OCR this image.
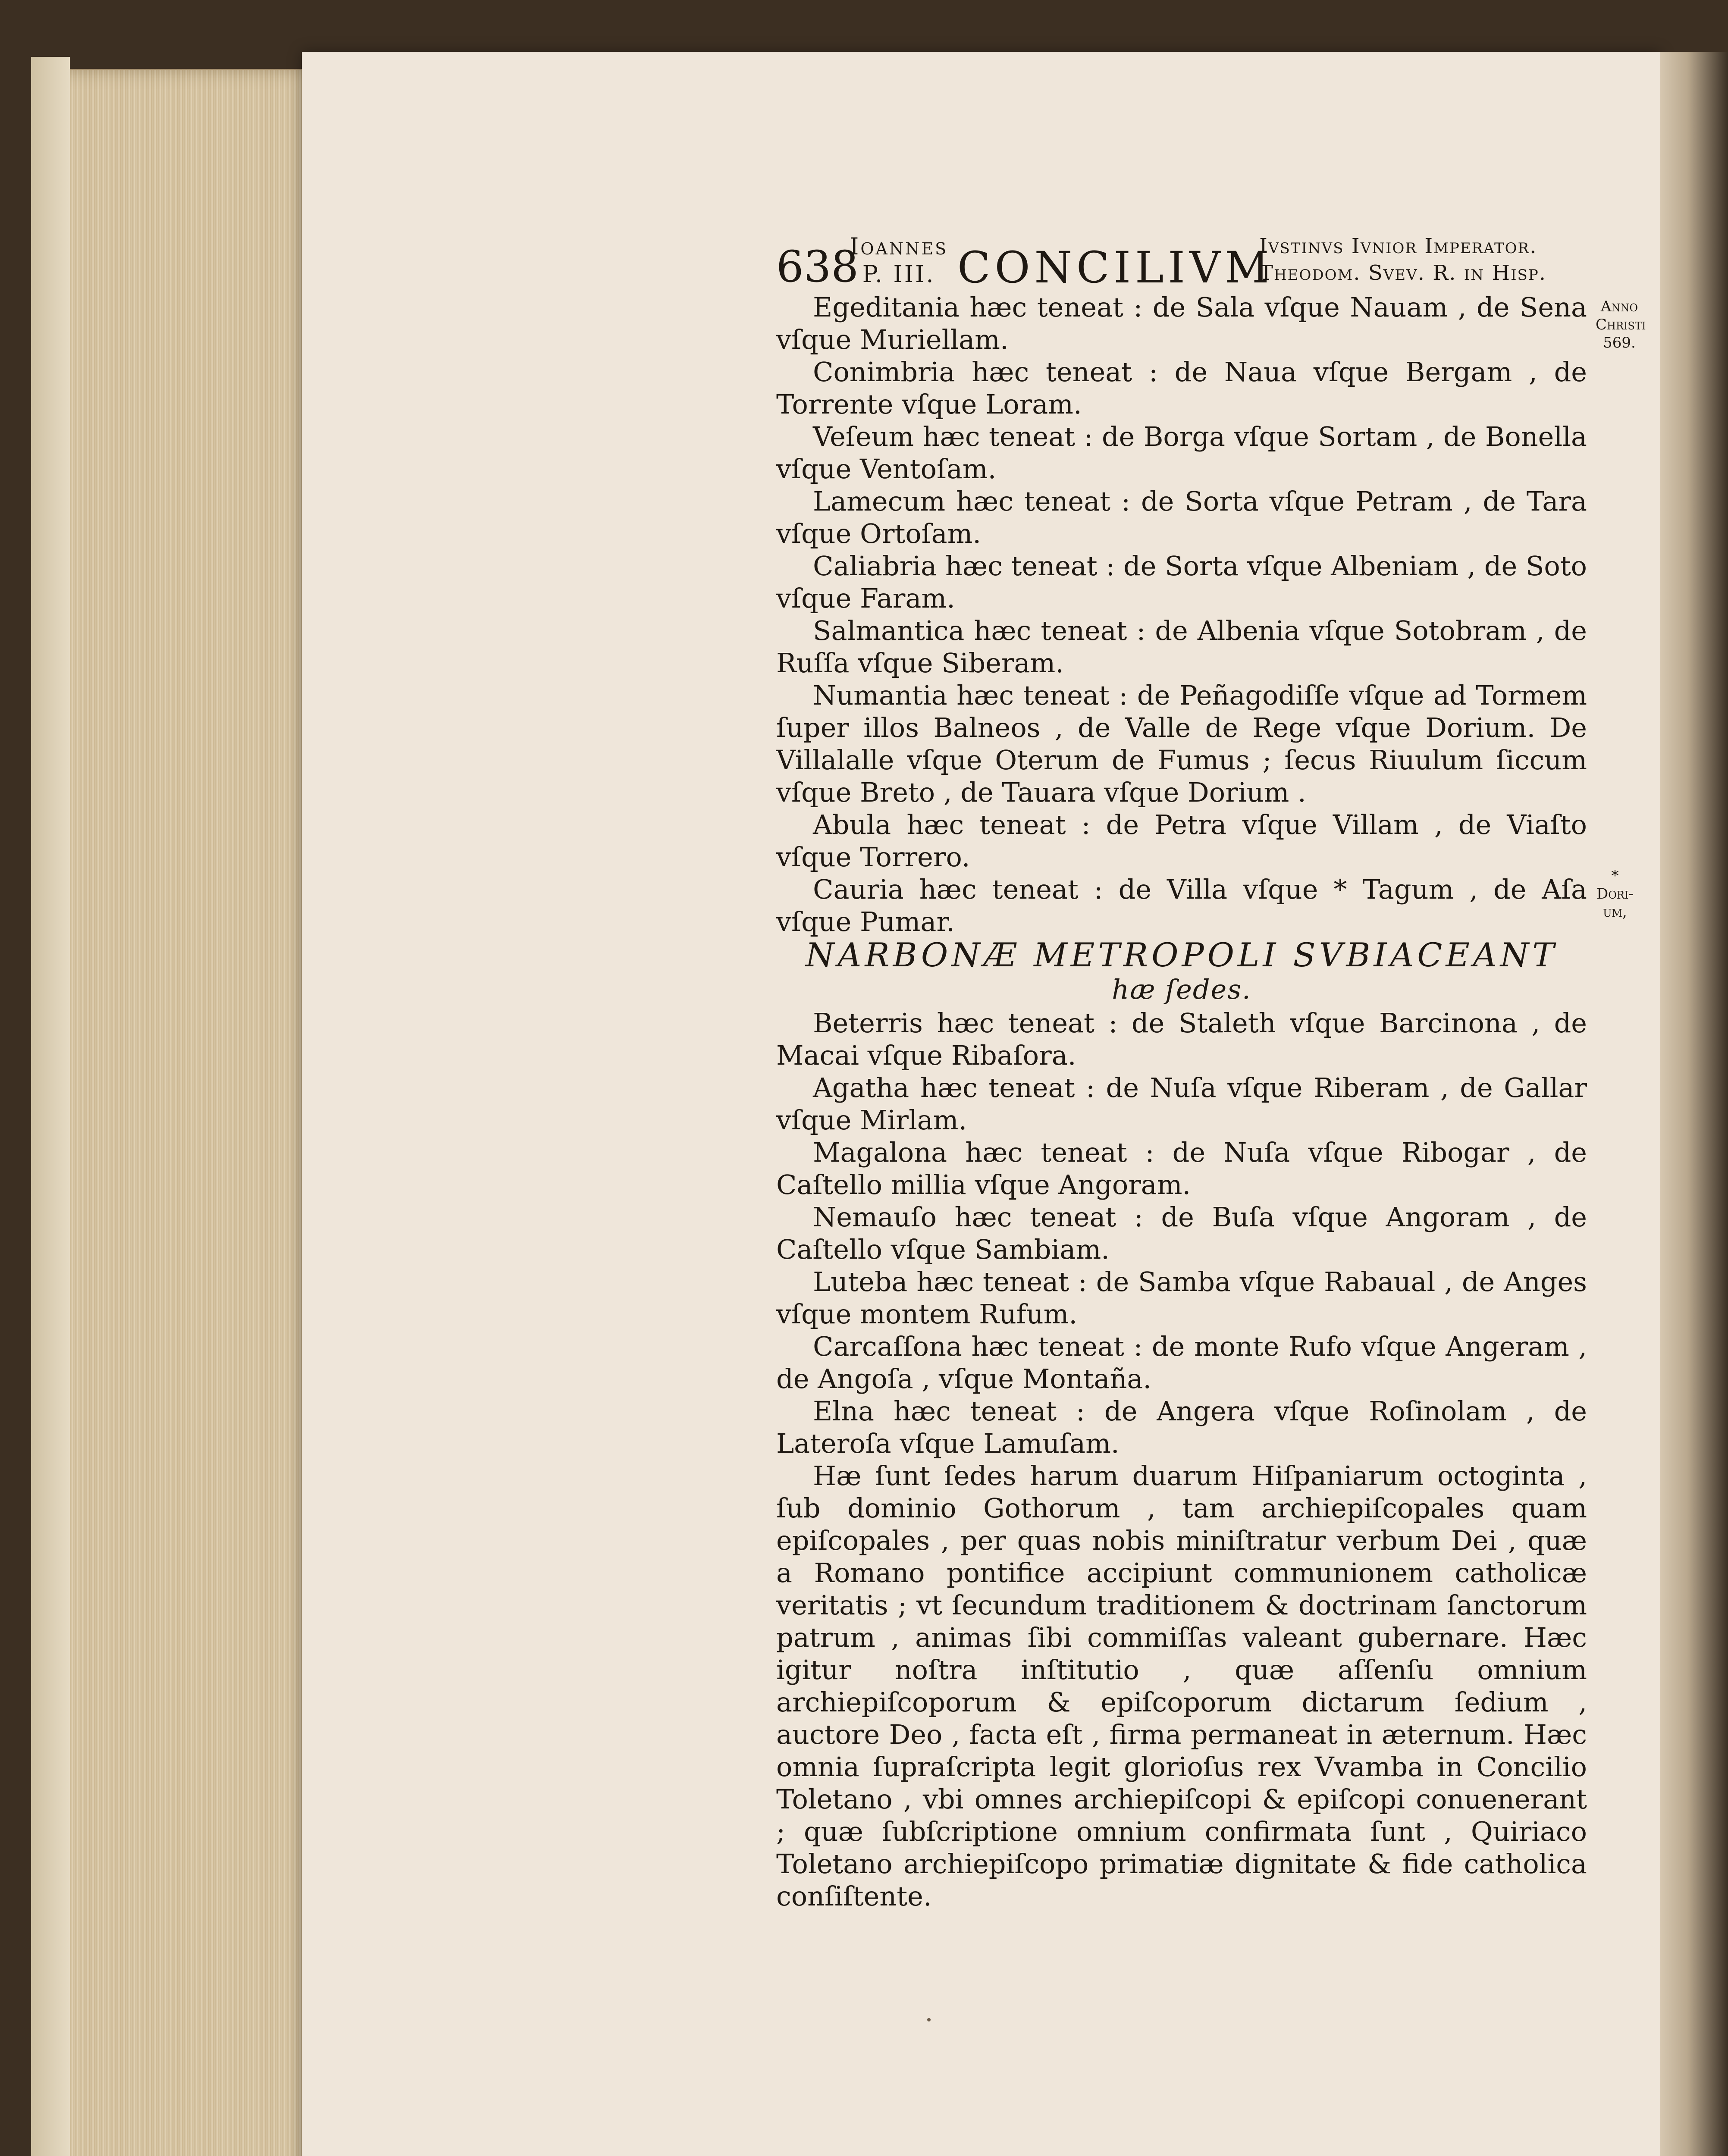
638
Ioannes
P. III. CONCILIVM
Ivstinvs Ivnior Imperator.
Theodom. Svev. R. in Hisp.
Anno
Christi
569.
* Dori-
um,

Egeditania hæc teneat : de Sala vſque Nauam , de Sena vſque Muriellam.

Conimbria hæc teneat : de Naua vſque Bergam , de Torrente vſque Loram.

Veſeum hæc teneat : de Borga vſque Sortam , de Bonella vſque Ventoſam.

Lamecum hæc teneat : de Sorta vſque Petram , de Tara vſque Ortoſam.

Caliabria hæc teneat : de Sorta vſque Albeniam , de Soto vſque Faram.

Salmantica hæc teneat : de Albenia vſque Sotobram , de Ruſſa vſque Siberam.

Numantia hæc teneat : de Peñagodiſſe vſque ad Tormem ſuper illos Balneos , de Valle de Rege vſque Dorium. De Villalalle vſque Oterum de Fumus ; ſecus Riuulum ſiccum vſque Breto , de Tauara vſque Dorium .

Abula hæc teneat : de Petra vſque Villam , de Viaſto vſque Torrero.

Cauria hæc teneat : de Villa vſque * Tagum , de Aſa vſque Pumar.

NARBONÆ METROPOLI SVBIACEANT
hæ ſedes.

Beterris hæc teneat : de Staleth vſque Barcinona , de Macai vſque Ribaſora.

Agatha hæc teneat : de Nuſa vſque Riberam , de Gallar vſque Mirlam.

Magalona hæc teneat : de Nuſa vſque Ribogar , de Caſtello millia vſque Angoram.

Nemauſo hæc teneat : de Buſa vſque Angoram , de Caſtello vſque Sambiam.

Luteba hæc teneat : de Samba vſque Rabaual , de Anges vſque montem Rufum.

Carcaſſona hæc teneat : de monte Rufo vſque Angeram , de Angoſa , vſque Montaña.

Elna hæc teneat : de Angera vſque Roſinolam , de Lateroſa vſque Lamuſam.

Hæ ſunt ſedes harum duarum Hiſpaniarum octoginta , ſub dominio Gothorum , tam archiepiſcopales quam epiſcopales , per quas nobis miniſtratur verbum Dei , quæ a Romano pontifice accipiunt communionem catholicæ veritatis ; vt ſecundum traditionem & doctrinam ſanctorum patrum , animas ſibi commiſſas valeant gubernare. Hæc igitur noſtra inſtitutio , quæ aſſenſu omnium archiepiſcoporum & epiſcoporum dictarum ſedium , auctore Deo , facta eſt , firma permaneat in æternum. Hæc omnia ſupraſcripta legit glorioſus rex Vvamba in Concilio Toletano , vbi omnes archiepiſcopi & epiſcopi conuenerant ; quæ ſubſcriptione omnium confirmata ſunt , Quiriaco Toletano archiepiſcopo primatiæ dignitate & fide catholica conſiſtente.
